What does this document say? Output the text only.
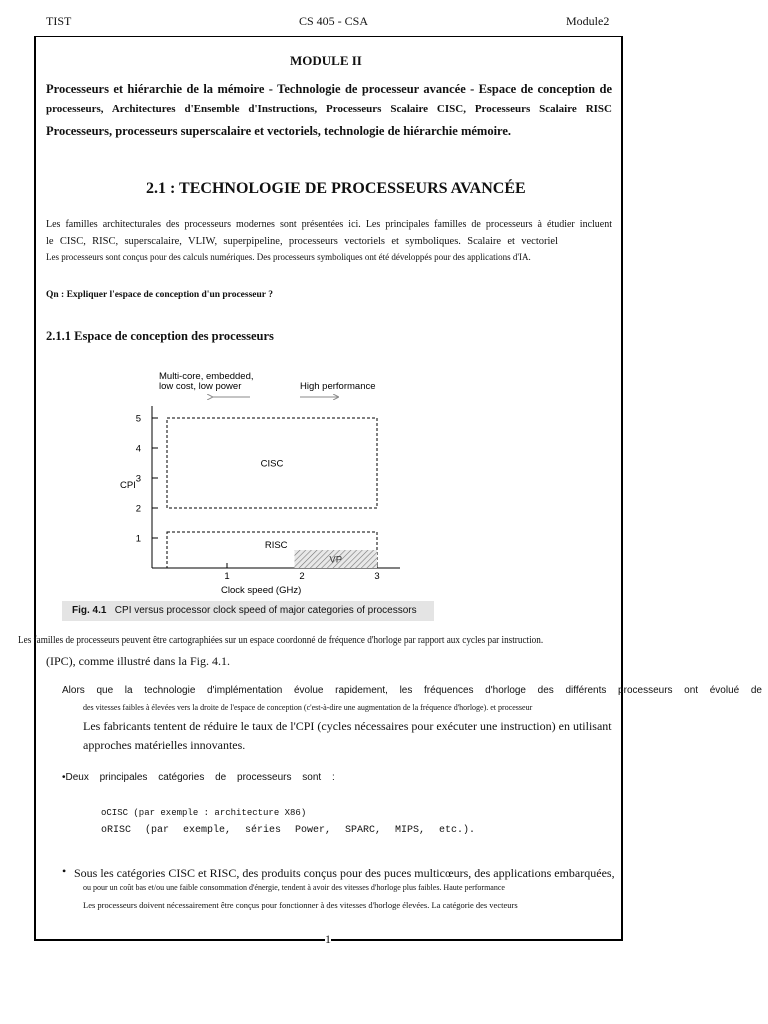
TIST	CS 405 - CSA	Module2
MODULE II
Processeurs et hiérarchie de la mémoire - Technologie de processeur avancée - Espace de conception de
processeurs, Architectures d'Ensemble d'Instructions, Processeurs Scalaire CISC, Processeurs Scalaire RISC
Processeurs, processeurs superscalaire et vectoriels, technologie de hiérarchie mémoire.
2.1 : TECHNOLOGIE DE PROCESSEURS AVANCÉE
Les familles architecturales des processeurs modernes sont présentées ici. Les principales familles de processeurs à étudier incluent
le CISC, RISC, superscalaire, VLIW, superpipeline, processeurs vectoriels et symboliques. Scalaire et vectoriel
Les processeurs sont conçus pour des calculs numériques. Des processeurs symboliques ont été développés pour des applications d'IA.
Qn : Expliquer l'espace de conception d'un processeur ?
2.1.1 Espace de conception des processeurs
1
2
3
4
5
1	2	3
CISC
RISC
VP
Multi-core, embedded,
low cost, low power	High performance
CPI
Clock speed (GHz)
Fig. 4.1 CPI versus processor clock speed of major categories of processors
Les familles de processeurs peuvent être cartographiées sur un espace coordonné de fréquence d'horloge par rapport aux cycles par instruction.
(IPC), comme illustré dans la Fig. 4.1.
Alors que la technologie d'implémentation évolue rapidement, les fréquences d'horloge des différents processeurs ont évolué de
des vitesses faibles à élevées vers la droite de l'espace de conception (c'est-à-dire une augmentation de la fréquence d'horloge). et processeur
Les fabricants tentent de réduire le taux de l'CPI (cycles nécessaires pour exécuter une instruction) en utilisant
approches matérielles innovantes.
•Deux principales catégories de processeurs sont :
oCISC (par exemple : architecture X86)
oRISC (par exemple, séries Power, SPARC, MIPS, etc.).
• Sous les catégories CISC et RISC, des produits conçus pour des puces multicœurs, des applications embarquées,
ou pour un coût bas et/ou une faible consommation d'énergie, tendent à avoir des vitesses d'horloge plus faibles. Haute performance
Les processeurs doivent nécessairement être conçus pour fonctionner à des vitesses d'horloge élevées. La catégorie des vecteurs
1
